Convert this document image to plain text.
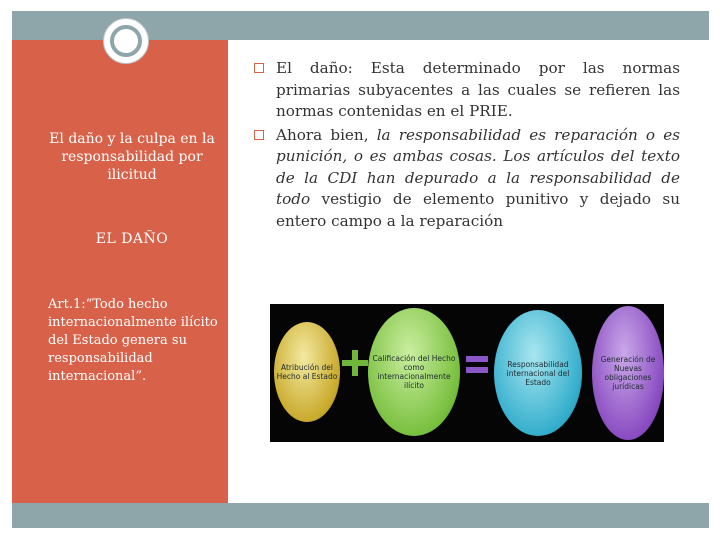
El daño y la culpa en la responsabilidad por ilicitud
EL DAÑO
Art.1:“Todo hecho internacionalmente ilícito del Estado genera su responsabilidad internacional”.
El daño: Esta determinado por las normas primarias subyacentes a las cuales se refieren las normas contenidas en el PRIE.
Ahora bien, la responsabilidad es reparación o es punición, o es ambas cosas. Los artículos del texto de la CDI han depurado a la responsabilidad de todo vestigio de elemento punitivo y dejado su entero campo a la reparación
Atribución del Hecho al Estado
Calificación del Hecho como internacionalmente ilícito
Responsabilidad internacional del Estado
Generación de Nuevas obligaciones jurídicas
